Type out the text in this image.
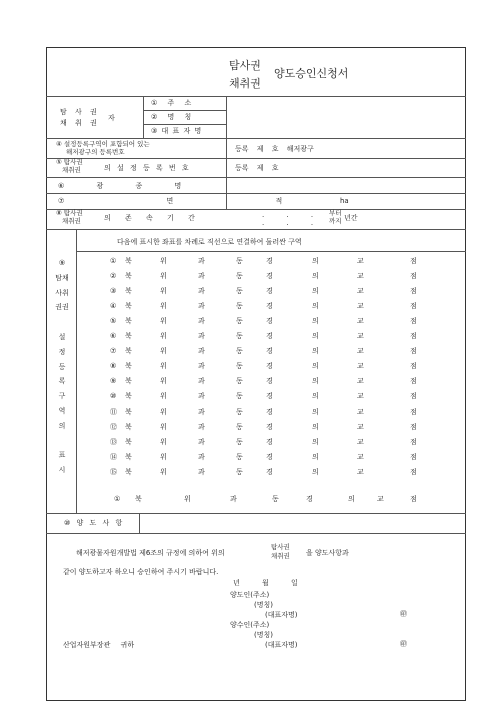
탐사권
채취권
양도승인신청서
탐 사 권
채 취 권
자
① 주 소
② 명 칭
③ 대 표 자 명
④ 설정등록구역이 포함되어 있는
해저광구의 등록번호	등록 제 호 해저광구
⑤ 탐사권
채취권	의 설 정 등 록 번 호	등록 제 호
⑥ 광 종 명
⑦ 면 적	ha
⑧ 탐사권
채취권	의 존 속 기 간	. . .
. . .
부터
까지 년간
⑨
탐채
사취
권권
설
정
등
록
구
역
의
표
시
다음에 표시한 좌표를 차례로 직선으로 연결하여 둘러싼 구역
① 북	위	과	동	경	의	교	점
② 북	위	과	동	경	의	교	점
③ 북	위	과	동	경	의	교	점
④ 북	위	과	동	경	의	교	점
⑤ 북	위	과	동	경	의	교	점
⑥ 북	위	과	동	경	의	교	점
⑦ 북	위	과	동	경	의	교	점
⑧ 북	위	과	동	경	의	교	점
⑨ 북	위	과	동	경	의	교	점
⑩ 북	위	과	동	경	의	교	점
⑪ 북	위	과	동	경	의	교	점
⑫ 북	위	과	동	경	의	교	점
⑬ 북	위	과	동	경	의	교	점
⑭ 북	위	과	동	경	의	교	점
⑮ 북	위	과	동	경	의	교	점
① 북	위	과	동	경	의	교	점
⑩ 양 도 사 항
해저광물자원개발법 제6조의 규정에 의하여 위의
탐사권
채취권 을 양도사항과
같이 양도하고자 하오니 승인하여 주시기 바랍니다.
년 월 일
양도인(주소)
(명칭)
(대표자명)	㊞
양수인(주소)
(명칭)
(대표자명)	㊞
산업자원부장관 귀하
